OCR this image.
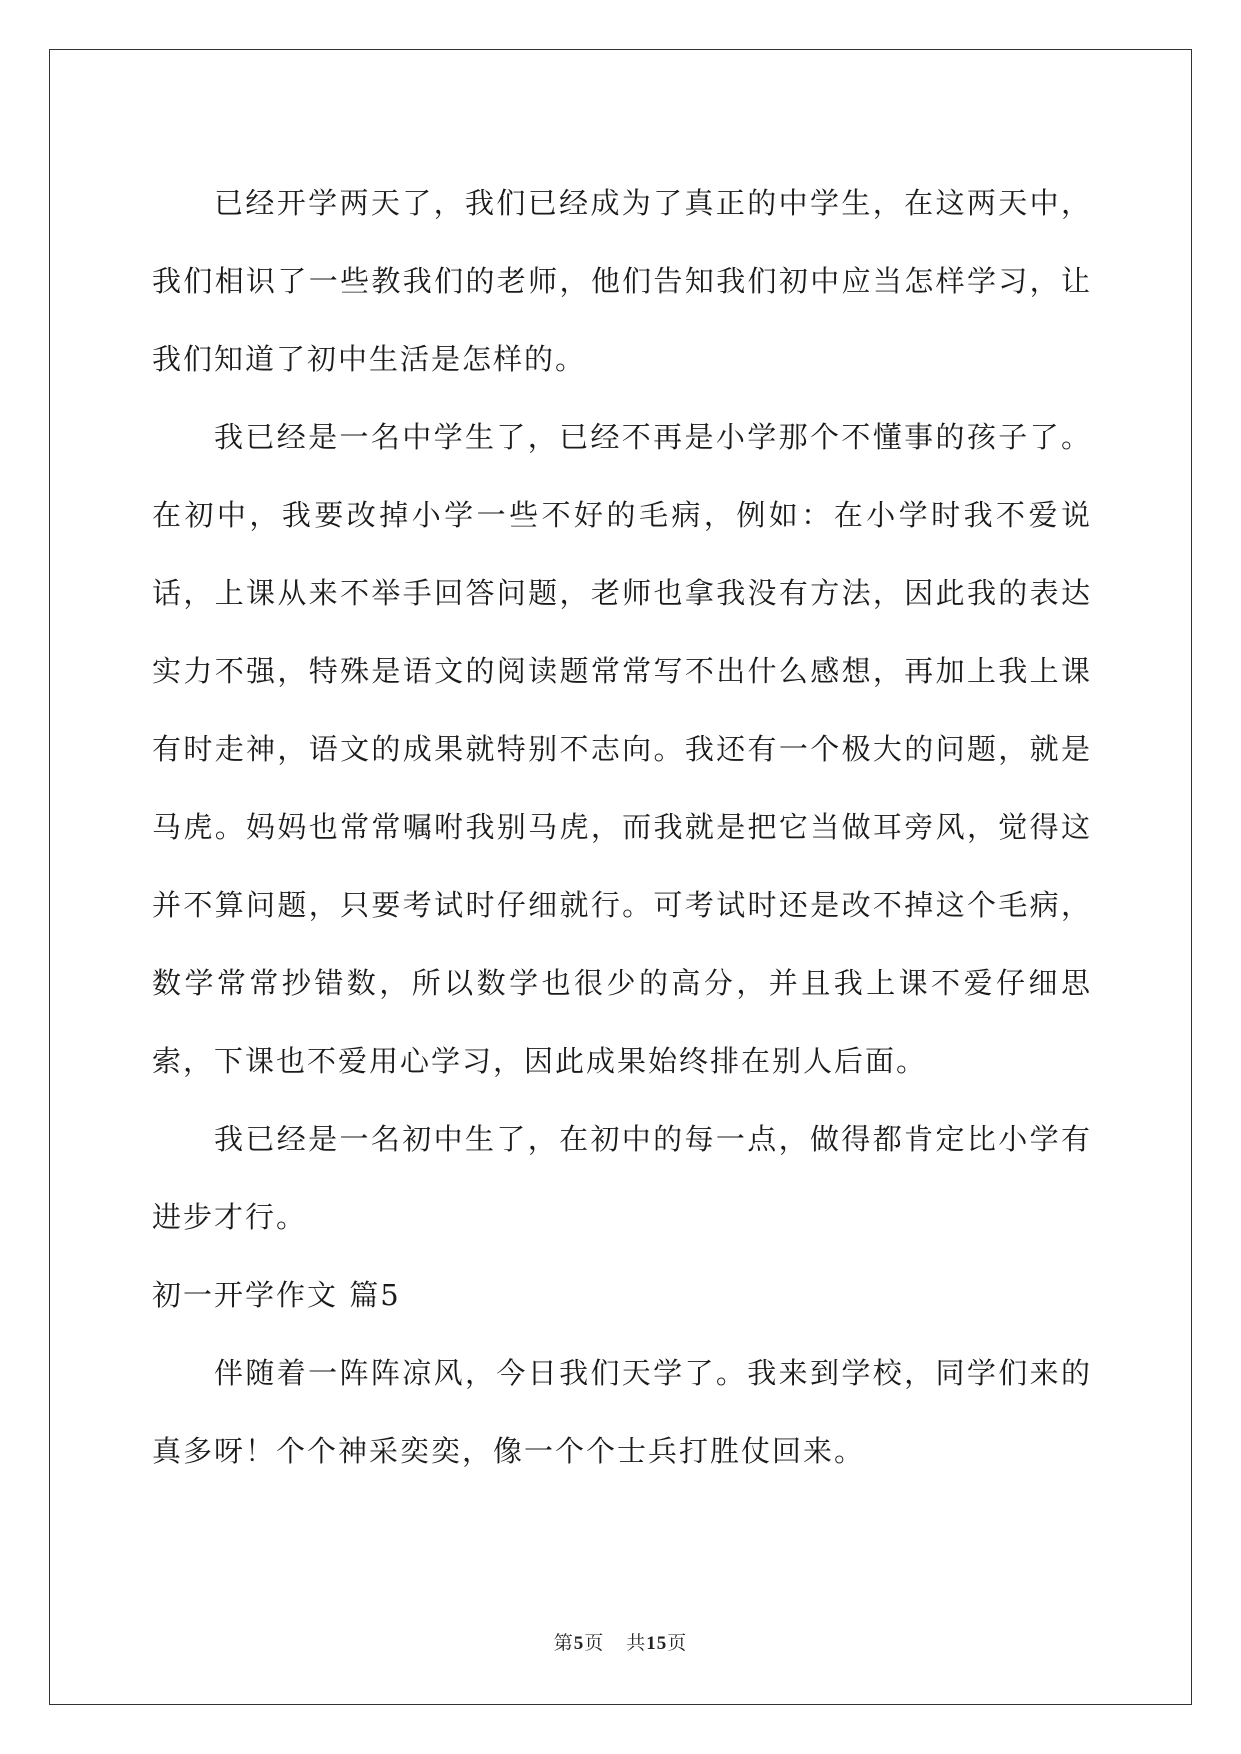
已经开学两天了，我们已经成为了真正的中学生，在这两天中，我们相识了一些教我们的老师，他们告知我们初中应当怎样学习，让我们知道了初中生活是怎样的。

我已经是一名中学生了，已经不再是小学那个不懂事的孩子了。在初中，我要改掉小学一些不好的毛病，例如：在小学时我不爱说话，上课从来不举手回答问题，老师也拿我没有方法，因此我的表达实力不强，特殊是语文的阅读题常常写不出什么感想，再加上我上课有时走神，语文的成果就特别不志向。我还有一个极大的问题，就是马虎。妈妈也常常嘱咐我别马虎，而我就是把它当做耳旁风，觉得这并不算问题，只要考试时仔细就行。可考试时还是改不掉这个毛病，数学常常抄错数，所以数学也很少的高分，并且我上课不爱仔细思索，下课也不爱用心学习，因此成果始终排在别人后面。

我已经是一名初中生了，在初中的每一点，做得都肯定比小学有进步才行。

初一开学作文 篇5

伴随着一阵阵凉风，今日我们天学了。我来到学校，同学们来的真多呀！个个神采奕奕，像一个个士兵打胜仗回来。

第5页 共15页
